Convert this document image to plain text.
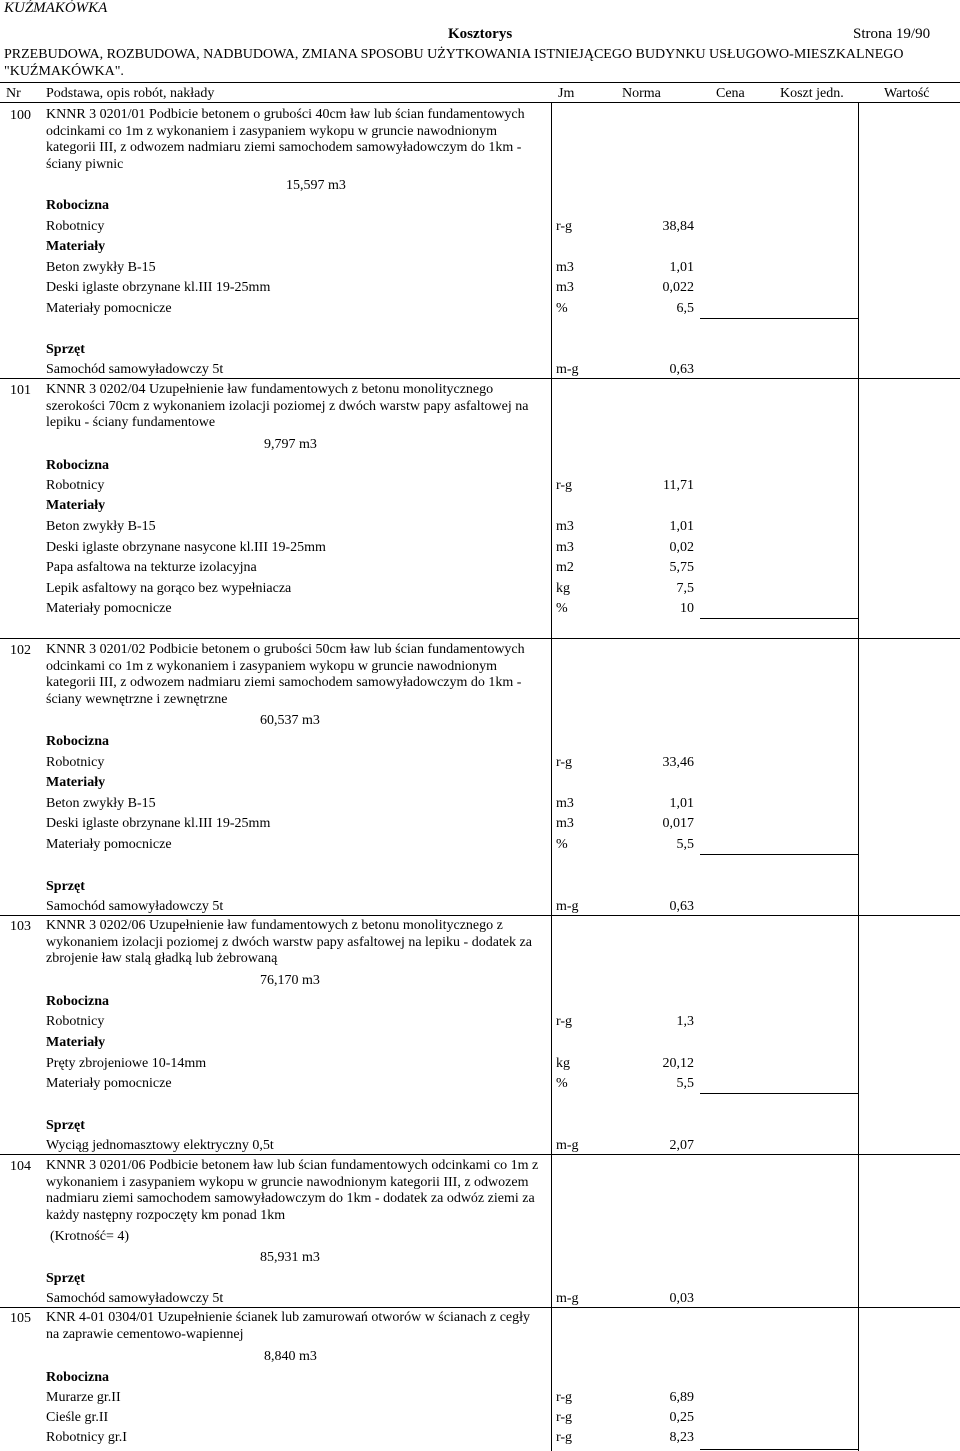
KUŹMAKÓWKA
Kosztorys	Strona 19/90
PRZEBUDOWA, ROZBUDOWA, NADBUDOWA, ZMIANA SPOSOBU UŻYTKOWANIA ISTNIEJĄCEGO BUDYNKU USŁUGOWO-MIESZKALNEGO "KUŹMAKÓWKA".
Nr Podstawa, opis robót, nakłady	Jm	Norma	Cena	Koszt jedn.	Wartość
100 KNNR 3 0201/01 Podbicie betonem o grubości 40cm ław lub ścian fundamentowych odcinkami co 1m z wykonaniem i zasypaniem wykopu w gruncie nawodnionym kategorii III, z odwozem nadmiaru ziemi samochodem samowyładowczym do 1km - ściany piwnic
15,597 m3
Robocizna
Robotnicy	r-g	38,84
Materiały
Beton zwykły B-15	m3	1,01
Deski iglaste obrzynane kl.III 19-25mm	m3	0,022
Materiały pomocnicze	%	6,5
Sprzęt
Samochód samowyładowczy 5t	m-g	0,63
101 KNNR 3 0202/04 Uzupełnienie ław fundamentowych z betonu monolitycznego szerokości 70cm z wykonaniem izolacji poziomej z dwóch warstw papy asfaltowej na lepiku - ściany fundamentowe
9,797 m3
Robocizna
Robotnicy	r-g	11,71
Materiały
Beton zwykły B-15	m3	1,01
Deski iglaste obrzynane nasycone kl.III 19-25mm	m3	0,02
Papa asfaltowa na tekturze izolacyjna	m2	5,75
Lepik asfaltowy na gorąco bez wypełniacza	kg	7,5
Materiały pomocnicze	%	10
102 KNNR 3 0201/02 Podbicie betonem o grubości 50cm ław lub ścian fundamentowych odcinkami co 1m z wykonaniem i zasypaniem wykopu w gruncie nawodnionym kategorii III, z odwozem nadmiaru ziemi samochodem samowyładowczym do 1km - ściany wewnętrzne i zewnętrzne
60,537 m3
Robocizna
Robotnicy	r-g	33,46
Materiały
Beton zwykły B-15	m3	1,01
Deski iglaste obrzynane kl.III 19-25mm	m3	0,017
Materiały pomocnicze	%	5,5
Sprzęt
Samochód samowyładowczy 5t	m-g	0,63
103 KNNR 3 0202/06 Uzupełnienie ław fundamentowych z betonu monolitycznego z wykonaniem izolacji poziomej z dwóch warstw papy asfaltowej na lepiku - dodatek za zbrojenie ław stalą gładką lub żebrowaną
76,170 m3
Robocizna
Robotnicy	r-g	1,3
Materiały
Pręty zbrojeniowe 10-14mm	kg	20,12
Materiały pomocnicze	%	5,5
Sprzęt
Wyciąg jednomasztowy elektryczny 0,5t	m-g	2,07
104 KNNR 3 0201/06 Podbicie betonem ław lub ścian fundamentowych odcinkami co 1m z wykonaniem i zasypaniem wykopu w gruncie nawodnionym kategorii III, z odwozem nadmiaru ziemi samochodem samowyładowczym do 1km - dodatek za odwóz ziemi za każdy następny rozpoczęty km ponad 1km
(Krotność= 4)
85,931 m3
Sprzęt
Samochód samowyładowczy 5t	m-g	0,03
105 KNR 4-01 0304/01 Uzupełnienie ścianek lub zamurowań otworów w ścianach z cegły na zaprawie cementowo-wapiennej
8,840 m3
Robocizna
Murarze gr.II	r-g	6,89
Cieśle gr.II	r-g	0,25
Robotnicy gr.I	r-g	8,23
